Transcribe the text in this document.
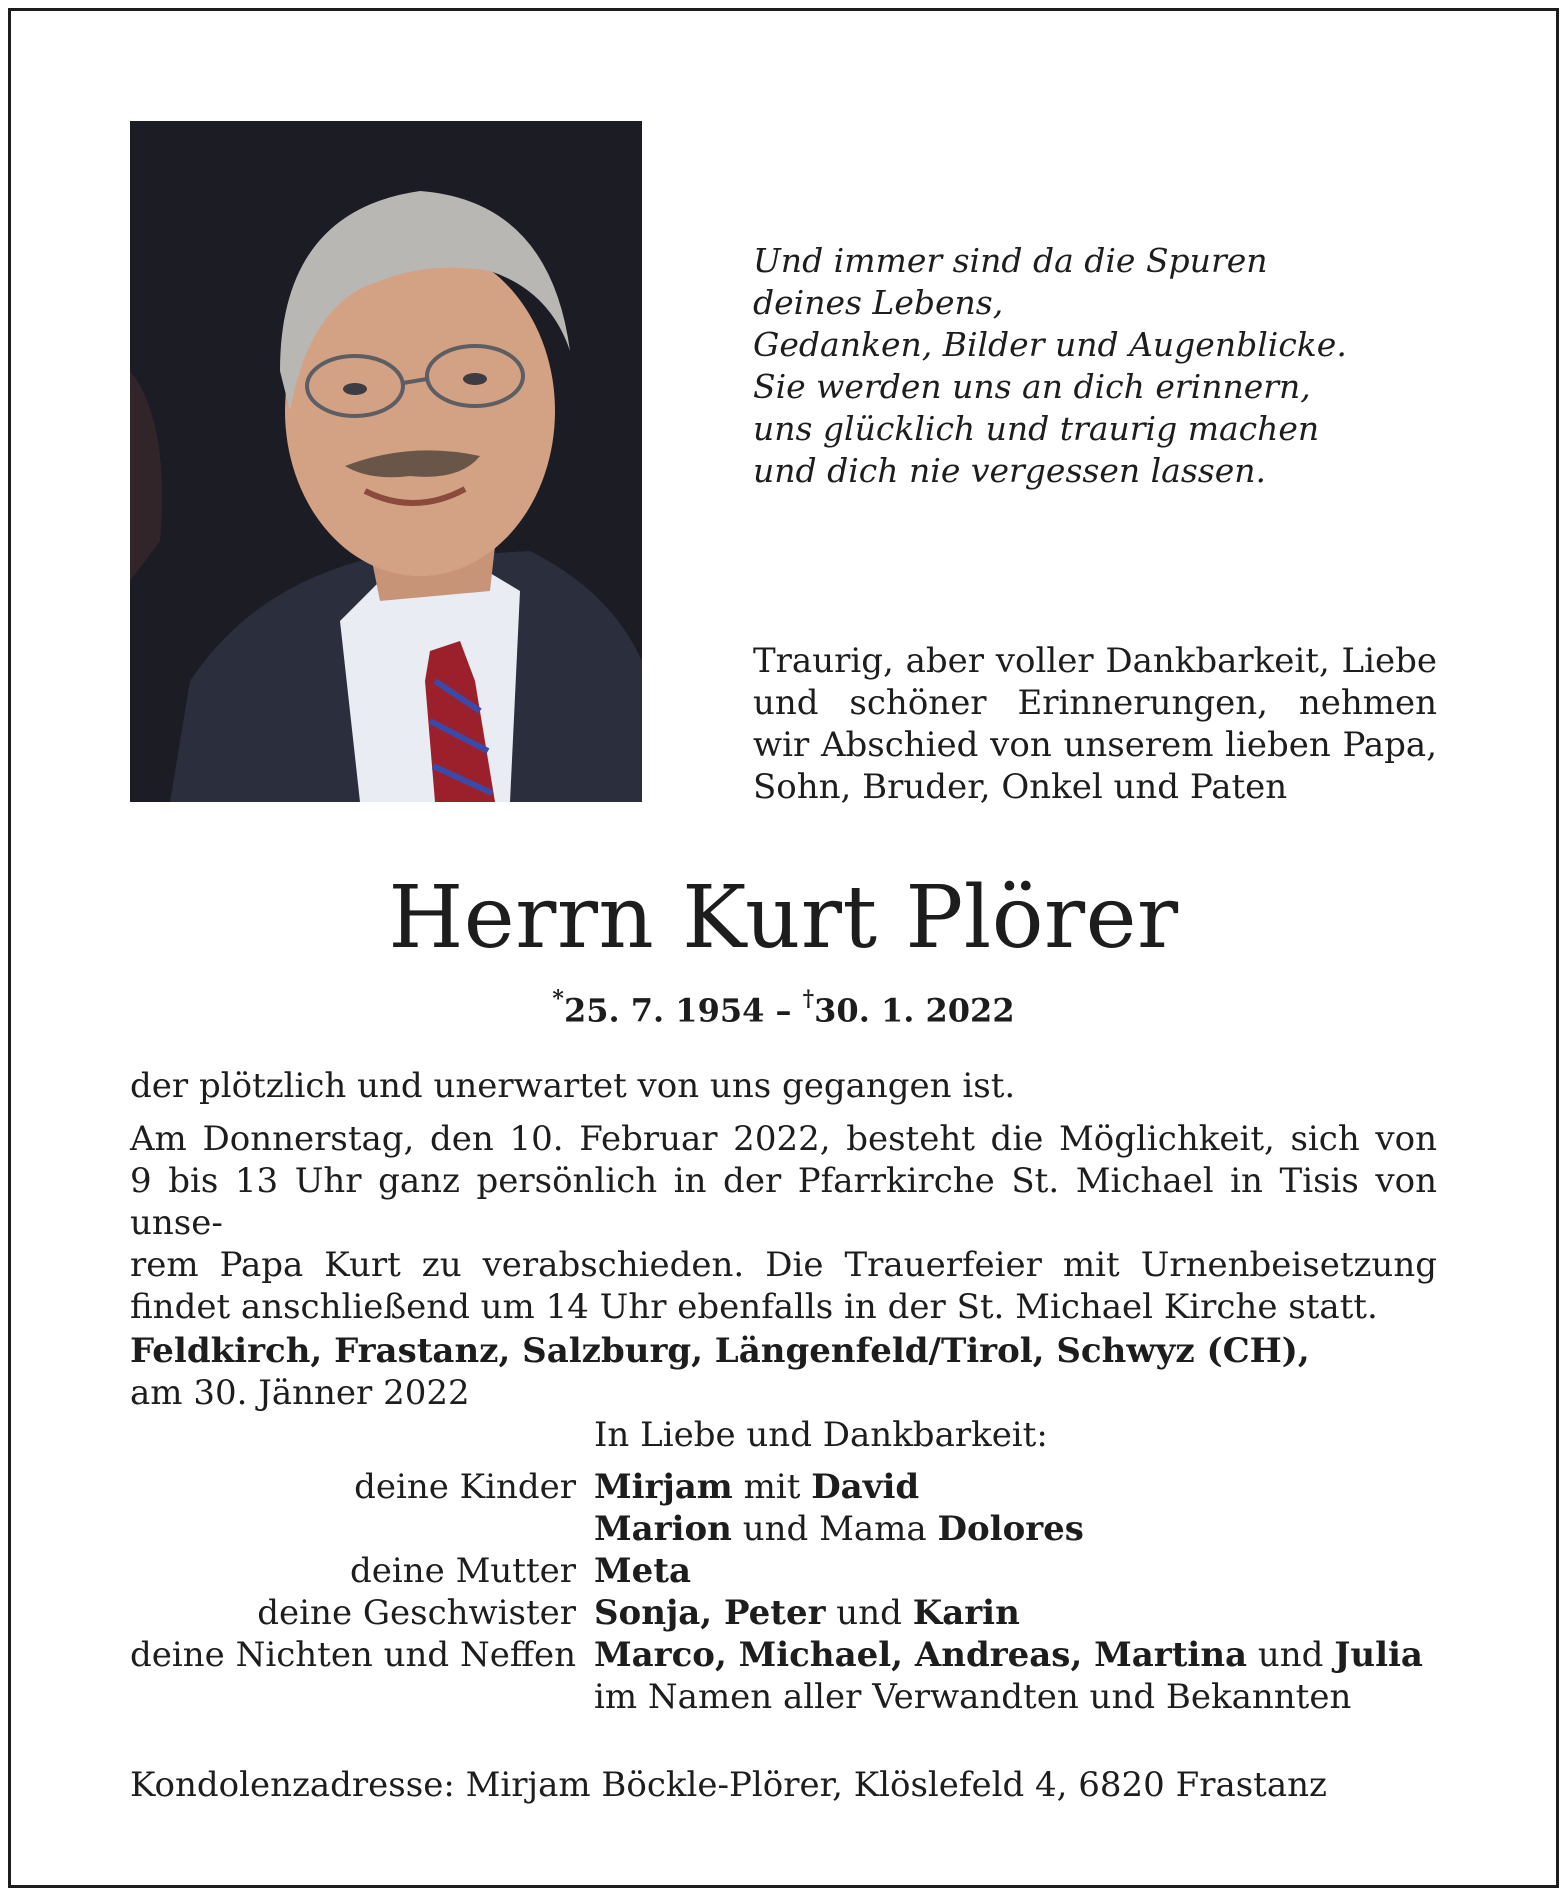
Und immer sind da die Spuren
deines Lebens,
Gedanken, Bilder und Augenblicke.
Sie werden uns an dich erinnern,
uns glücklich und traurig machen
und dich nie vergessen lassen.
Traurig, aber voller Dankbarkeit, Liebe
und schöner Erinnerungen, nehmen
wir Abschied von unserem lieben Papa,
Sohn, Bruder, Onkel und Paten
Herrn Kurt Plörer
*25. 7. 1954 – †30. 1. 2022
der plötzlich und unerwartet von uns gegangen ist.
Am Donnerstag, den 10. Februar 2022, besteht die Möglichkeit, sich von
9 bis 13 Uhr ganz persönlich in der Pfarrkirche St. Michael in Tisis von unse-
rem Papa Kurt zu verabschieden. Die Trauerfeier mit Urnenbeisetzung
findet anschließend um 14 Uhr ebenfalls in der St. Michael Kirche statt.
Feldkirch, Frastanz, Salzburg, Längenfeld/Tirol, Schwyz (CH),
am 30. Jänner 2022
In Liebe und Dankbarkeit:
deine Kinder Mirjam mit David
Marion und Mama Dolores
deine Mutter Meta
deine Geschwister Sonja, Peter und Karin
deine Nichten und Neffen Marco, Michael, Andreas, Martina und Julia
im Namen aller Verwandten und Bekannten
Kondolenzadresse: Mirjam Böckle-Plörer, Klöslefeld 4, 6820 Frastanz
